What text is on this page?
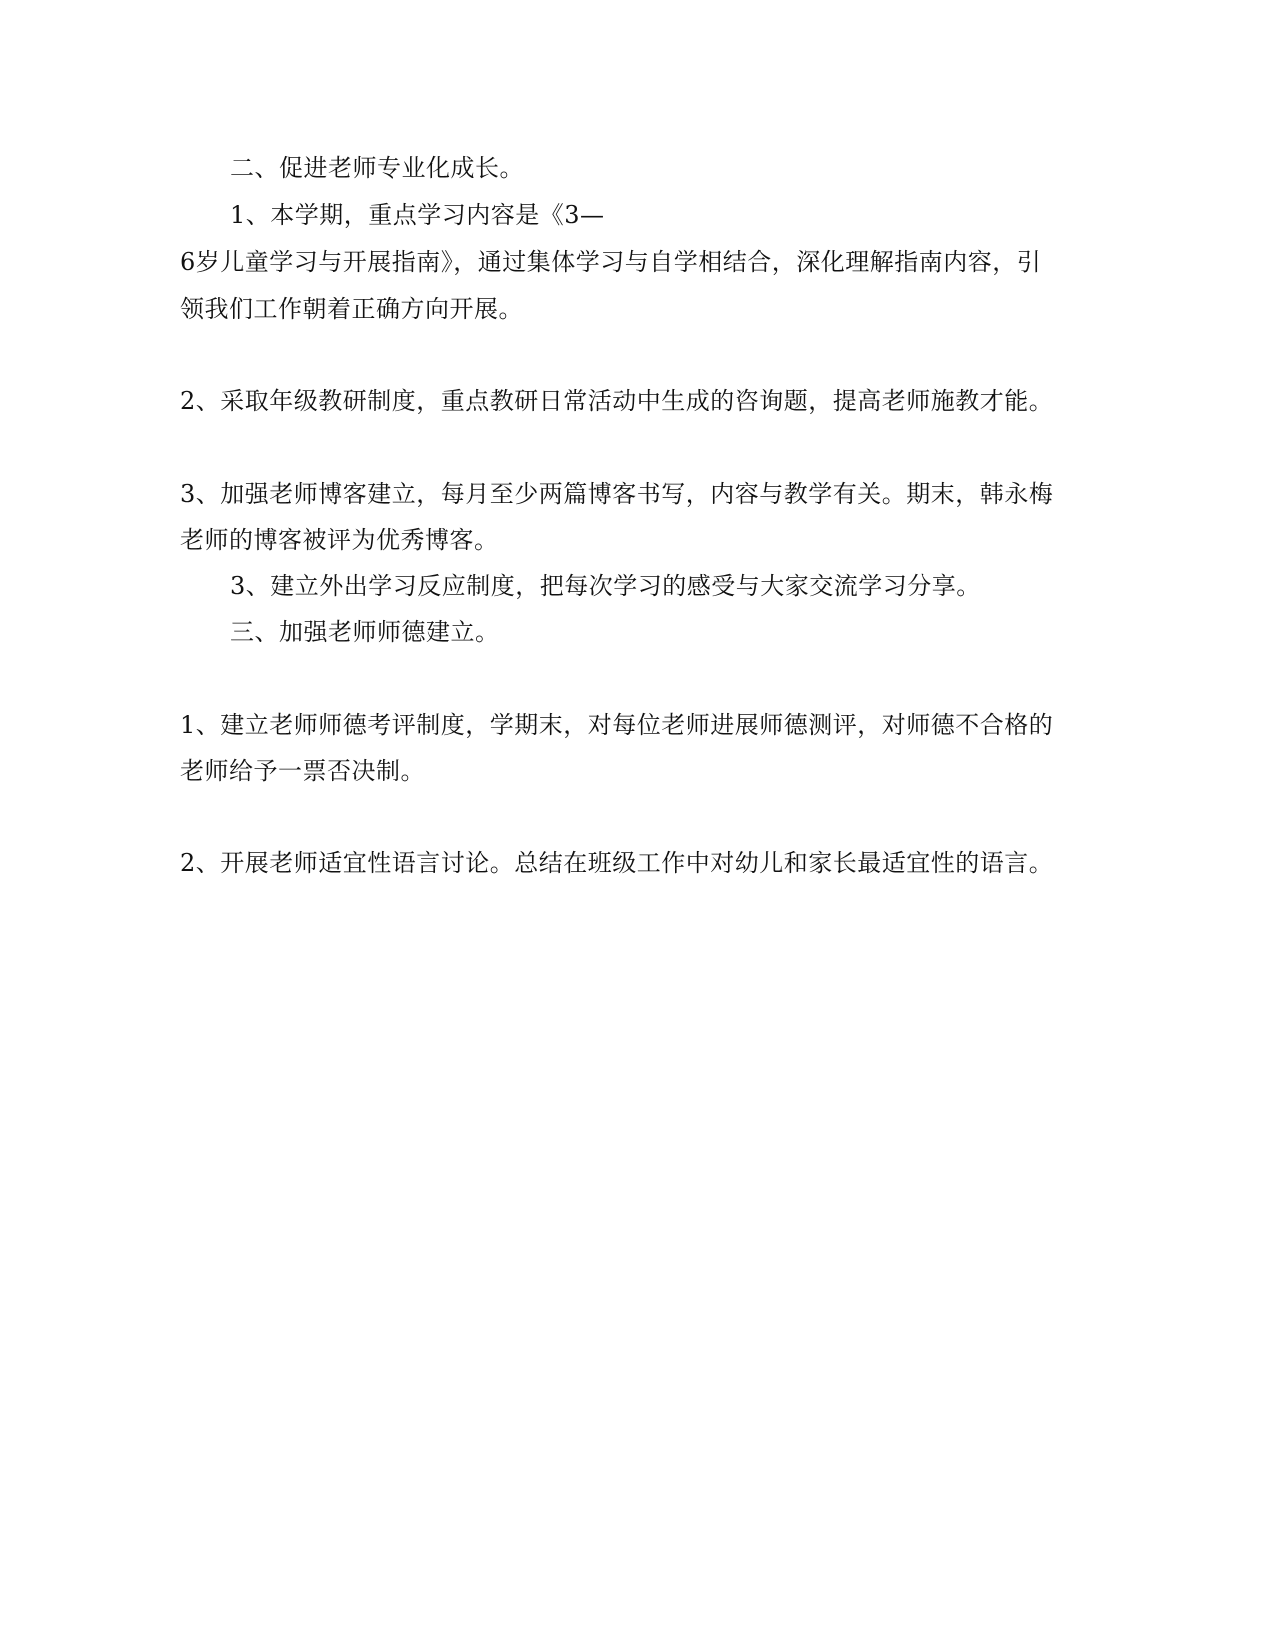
二、促进老师专业化成长。
1、本学期，重点学习内容是《3—
6岁儿童学习与开展指南》，通过集体学习与自学相结合，深化理解指南内容，引
领我们工作朝着正确方向开展。
2、采取年级教研制度，重点教研日常活动中生成的咨询题，提高老师施教才能。
3、加强老师博客建立，每月至少两篇博客书写，内容与教学有关。期末，韩永梅
老师的博客被评为优秀博客。
3、建立外出学习反应制度，把每次学习的感受与大家交流学习分享。
三、加强老师师德建立。
1、建立老师师德考评制度，学期末，对每位老师进展师德测评，对师德不合格的
老师给予一票否决制。
2、开展老师适宜性语言讨论。总结在班级工作中对幼儿和家长最适宜性的语言。
